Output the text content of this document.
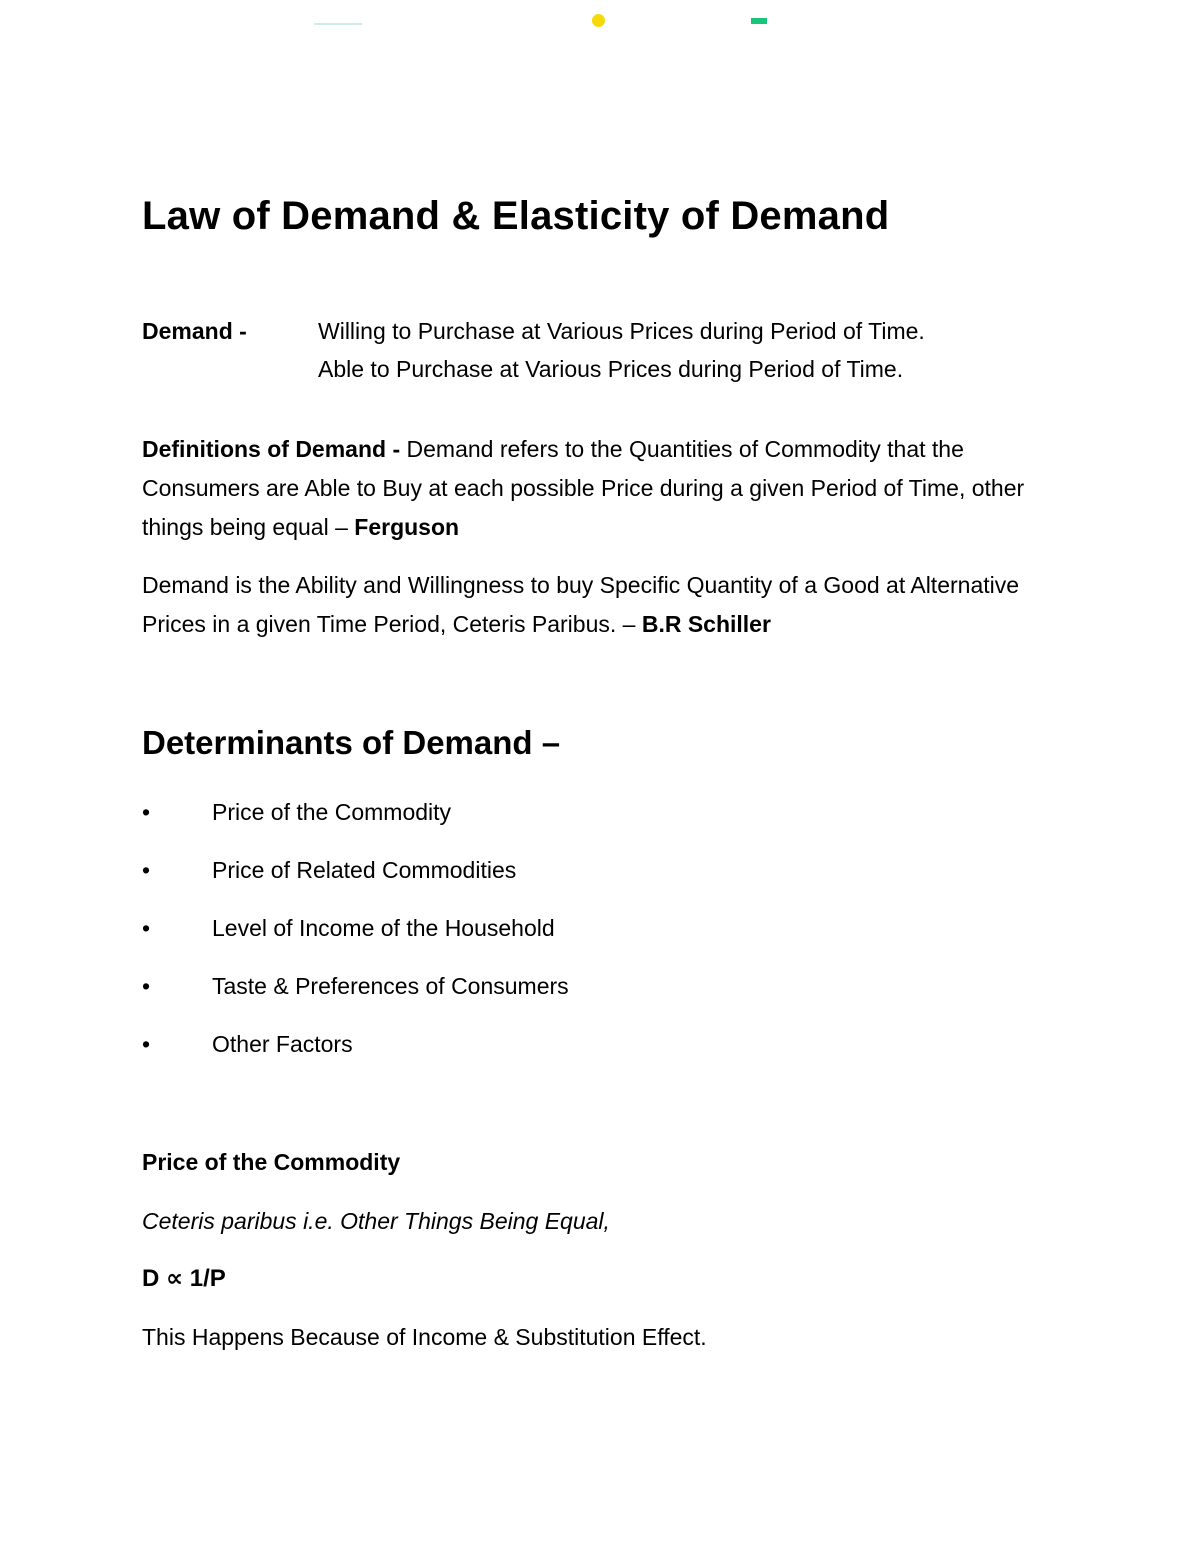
Law of Demand & Elasticity of Demand
Demand -	Willing to Purchase at Various Prices during Period of Time.
Able to Purchase at Various Prices during Period of Time.

Definitions of Demand - Demand refers to the Quantities of Commodity that the Consumers are Able to Buy at each possible Price during a given Period of Time, other things being equal – Ferguson

Demand is the Ability and Willingness to buy Specific Quantity of a Good at Alternative Prices in a given Time Period, Ceteris Paribus. – B.R Schiller

Determinants of Demand –
•	Price of the Commodity
•	Price of Related Commodities
•	Level of Income of the Household
•	Taste & Preferences of Consumers
•	Other Factors

Price of the Commodity

Ceteris paribus i.e. Other Things Being Equal,

D ∝ 1/P

This Happens Because of Income & Substitution Effect.
